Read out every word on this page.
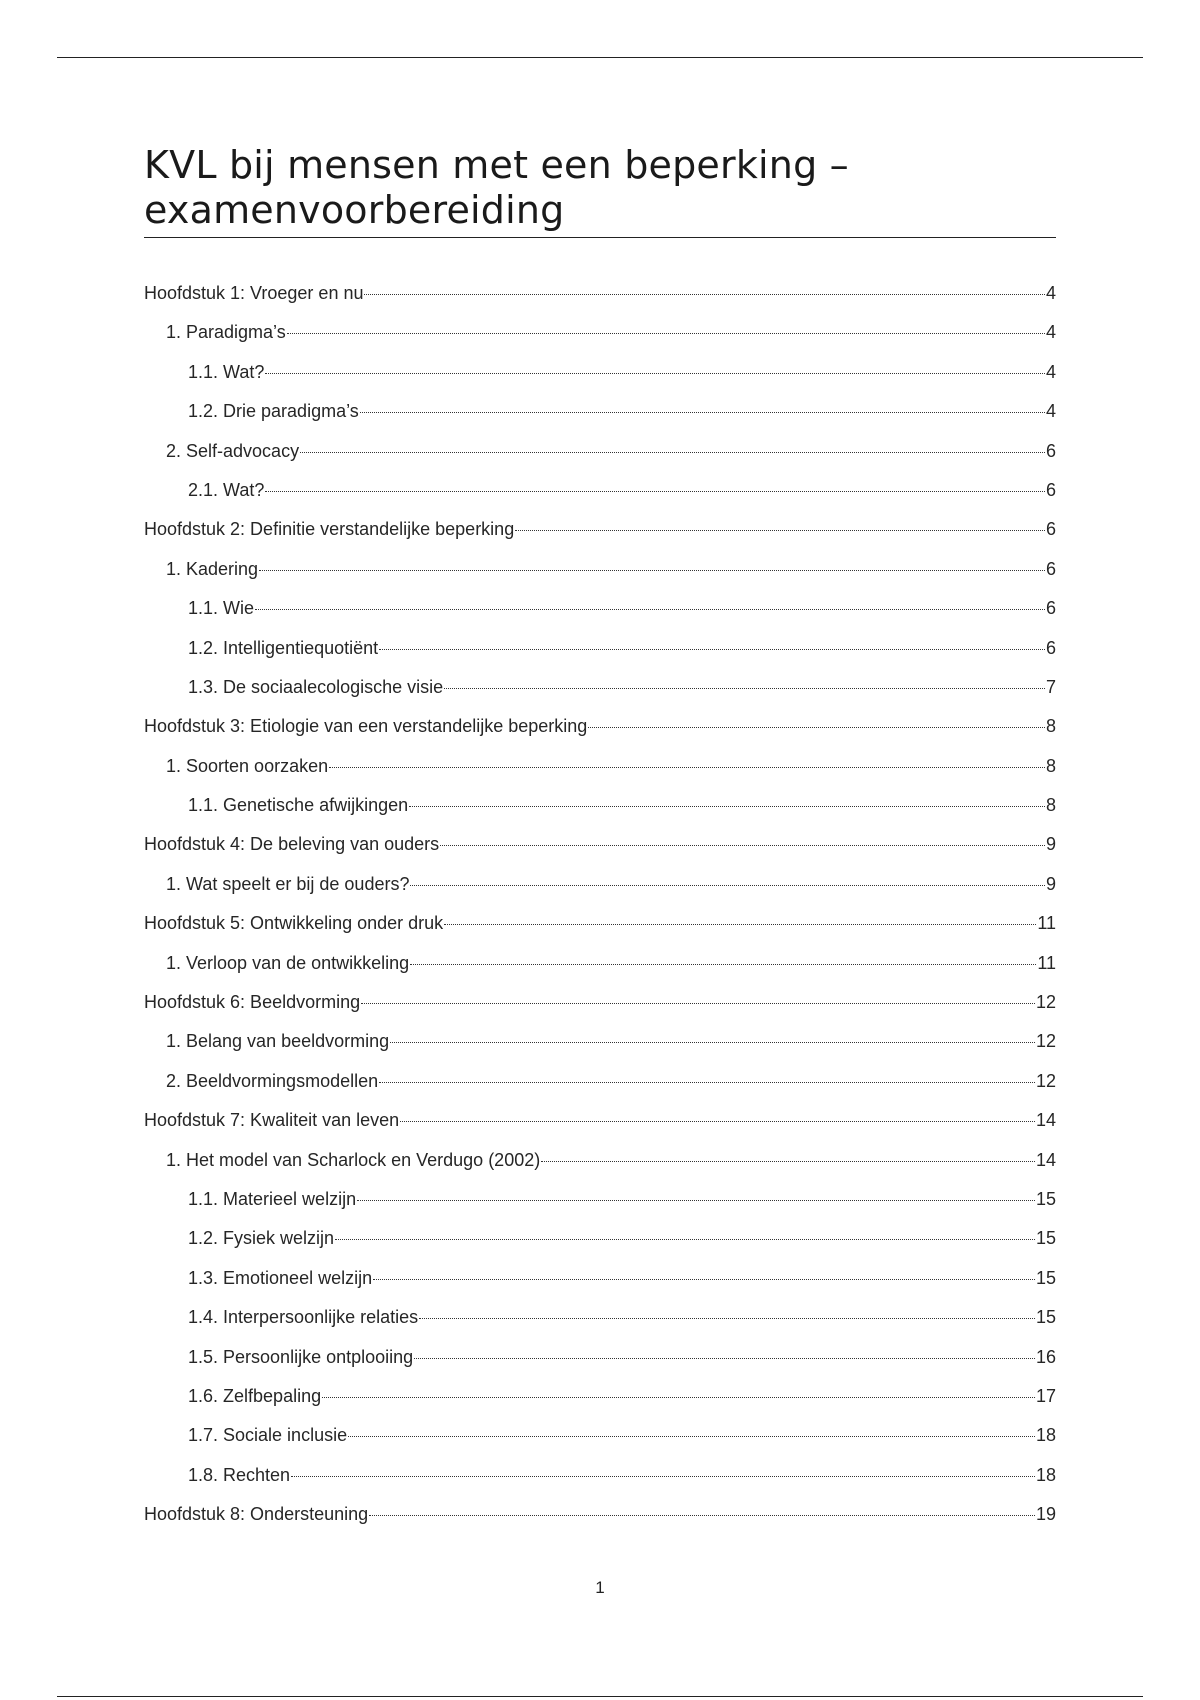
KVL bij mensen met een beperking –
examenvoorbereiding
Hoofdstuk 1: Vroeger en nu	4
1. Paradigma’s	4
1.1. Wat?	4
1.2. Drie paradigma’s	4
2. Self-advocacy	6
2.1. Wat?	6
Hoofdstuk 2: Definitie verstandelijke beperking	6
1. Kadering	6
1.1. Wie	6
1.2. Intelligentiequotiënt	6
1.3. De sociaalecologische visie	7
Hoofdstuk 3: Etiologie van een verstandelijke beperking	8
1. Soorten oorzaken	8
1.1. Genetische afwijkingen	8
Hoofdstuk 4: De beleving van ouders	9
1. Wat speelt er bij de ouders?	9
Hoofdstuk 5: Ontwikkeling onder druk	11
1. Verloop van de ontwikkeling	11
Hoofdstuk 6: Beeldvorming	12
1. Belang van beeldvorming	12
2. Beeldvormingsmodellen	12
Hoofdstuk 7: Kwaliteit van leven	14
1. Het model van Scharlock en Verdugo (2002)	14
1.1. Materieel welzijn	15
1.2. Fysiek welzijn	15
1.3. Emotioneel welzijn	15
1.4. Interpersoonlijke relaties	15
1.5. Persoonlijke ontplooiing	16
1.6. Zelfbepaling	17
1.7. Sociale inclusie	18
1.8. Rechten	18
Hoofdstuk 8: Ondersteuning	19
1
